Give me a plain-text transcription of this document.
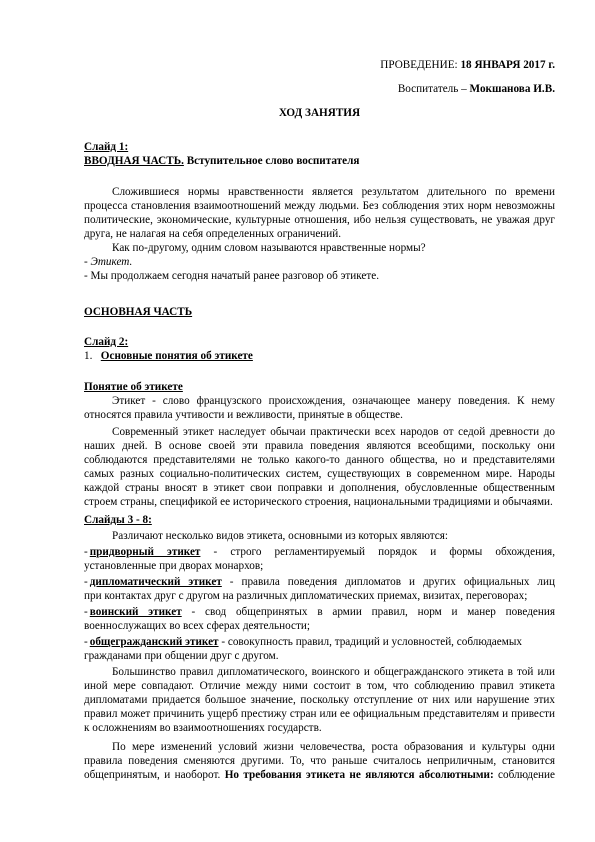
ПРОВЕДЕНИЕ: 18 ЯНВАРЯ 2017 г.
Воспитатель – Мокшанова И.В.
ХОД ЗАНЯТИЯ
Слайд 1:
ВВОДНАЯ ЧАСТЬ. Вступительное слово воспитателя
Сложившиеся нормы нравственности является результатом длительного по времени
процесса становления взаимоотношений между людьми. Без соблюдения этих норм невозможны
политические, экономические, культурные отношения, ибо нельзя существовать, не уважая друг
друга, не налагая на себя определенных ограничений.
Как по-другому, одним словом называются нравственные нормы?
- Этикет.
- Мы продолжаем сегодня начатый ранее разговор об этикете.
ОСНОВНАЯ ЧАСТЬ
Слайд 2:
1. Основные понятия об этикете
Понятие об этикете
Этикет - слово французского происхождения, означающее манеру поведения. К нему
относятся правила учтивости и вежливости, принятые в обществе.
Современный этикет наследует обычаи практически всех народов от седой древности до
наших дней. В основе своей эти правила поведения являются всеобщими, поскольку они
соблюдаются представителями не только какого-то данного общества, но и представителями
самых разных социально-политических систем, существующих в современном мире. Народы
каждой страны вносят в этикет свои поправки и дополнения, обусловленные общественным
строем страны, спецификой ее исторического строения, национальными традициями и обычаями.
Слайды 3 - 8:
Различают несколько видов этикета, основными из которых являются:
- придворный этикет - строго регламентируемый порядок и формы обхождения,
установленные при дворах монархов;
- дипломатический этикет - правила поведения дипломатов и других официальных лиц
при контактах друг с другом на различных дипломатических приемах, визитах, переговорах;
- воинский этикет - свод общепринятых в армии правил, норм и манер поведения
военнослужащих во всех сферах деятельности;
- общегражданский этикет - совокупность правил, традиций и условностей, соблюдаемых
гражданами при общении друг с другом.
Большинство правил дипломатического, воинского и общегражданского этикета в той или
иной мере совпадают. Отличие между ними состоит в том, что соблюдению правил этикета
дипломатами придается большое значение, поскольку отступление от них или нарушение этих
правил может причинить ущерб престижу стран или ее официальным представителям и привести
к осложнениям во взаимоотношениях государств.
По мере изменений условий жизни человечества, роста образования и культуры одни
правила поведения сменяются другими. То, что раньше считалось неприличным, становится
общепринятым, и наоборот. Но требования этикета не являются абсолютными: соблюдение
